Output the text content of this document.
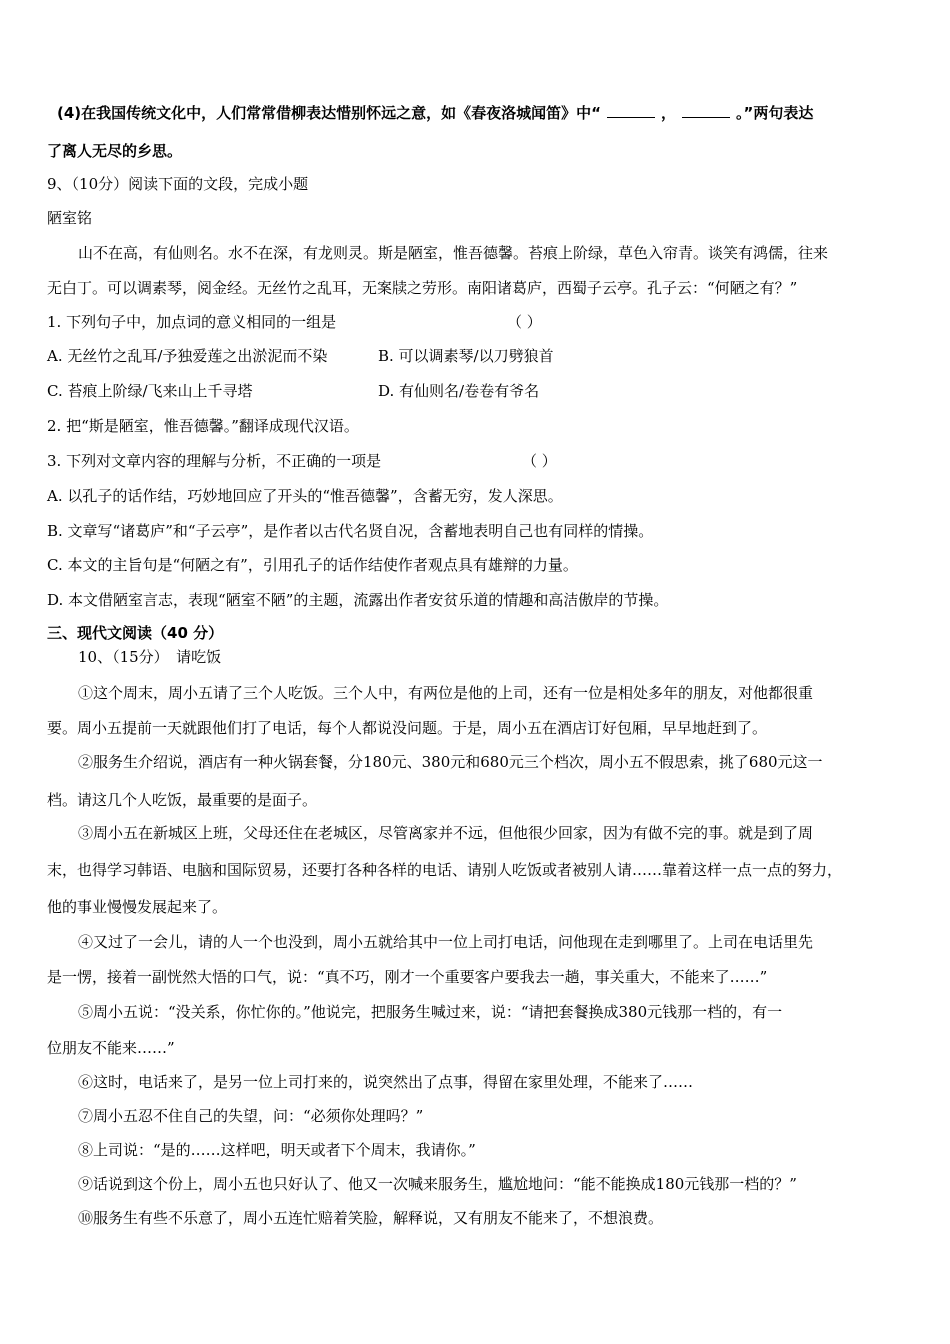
(4)在我国传统文化中，人们常常借柳表达惜别怀远之意，如《春夜洛城闻笛》中“	，	。”两句表达
了离人无尽的乡思。
9、（10分）阅读下面的文段，完成小题
陋室铭
山不在高，有仙则名。水不在深，有龙则灵。斯是陋室，惟吾德馨。苔痕上阶绿，草色入帘青。谈笑有鸿儒，往来
无白丁。可以调素琴，阅金经。无丝竹之乱耳，无案牍之劳形。南阳诸葛庐，西蜀子云亭。孔子云：“何陋之有？”
1. 下列句子中，加点词的意义相同的一组是	（ ）
A. 无丝竹之乱耳/予独爱莲之出淤泥而不染	B. 可以调素琴/以刀劈狼首
C. 苔痕上阶绿/飞来山上千寻塔	D. 有仙则名/卷卷有爷名
2. 把“斯是陋室，惟吾德馨。”翻译成现代汉语。
3. 下列对文章内容的理解与分析，不正确的一项是	（ ）
A. 以孔子的话作结，巧妙地回应了开头的“惟吾德馨”，含蓄无穷，发人深思。
B. 文章写“诸葛庐”和“子云亭”，是作者以古代名贤自况，含蓄地表明自己也有同样的情操。
C. 本文的主旨句是“何陋之有”，引用孔子的话作结使作者观点具有雄辩的力量。
D. 本文借陋室言志，表现“陋室不陋”的主题，流露出作者安贫乐道的情趣和高洁傲岸的节操。
三、现代文阅读（40 分）
10、（15分）　请吃饭
①这个周末，周小五请了三个人吃饭。三个人中，有两位是他的上司，还有一位是相处多年的朋友，对他都很重
要。周小五提前一天就跟他们打了电话，每个人都说没问题。于是，周小五在酒店订好包厢，早早地赶到了。
②服务生介绍说，酒店有一种火锅套餐，分180元、380元和680元三个档次，周小五不假思索，挑了680元这一
档。请这几个人吃饭，最重要的是面子。
③周小五在新城区上班，父母还住在老城区，尽管离家并不远，但他很少回家，因为有做不完的事。就是到了周
末，也得学习韩语、电脑和国际贸易，还要打各种各样的电话、请别人吃饭或者被别人请……靠着这样一点一点的努力，
他的事业慢慢发展起来了。
④又过了一会儿，请的人一个也没到，周小五就给其中一位上司打电话，问他现在走到哪里了。上司在电话里先
是一愣，接着一副恍然大悟的口气，说：“真不巧，刚才一个重要客户要我去一趟，事关重大，不能来了……”
⑤周小五说：“没关系，你忙你的。”他说完，把服务生喊过来，说：“请把套餐换成380元钱那一档的，有一
位朋友不能来……”
⑥这时，电话来了，是另一位上司打来的，说突然出了点事，得留在家里处理，不能来了……
⑦周小五忍不住自己的失望，问：“必须你处理吗？”
⑧上司说：“是的……这样吧，明天或者下个周末，我请你。”
⑨话说到这个份上，周小五也只好认了、他又一次喊来服务生，尴尬地问：“能不能换成180元钱那一档的？”
⑩服务生有些不乐意了，周小五连忙赔着笑脸，解释说，又有朋友不能来了，不想浪费。
